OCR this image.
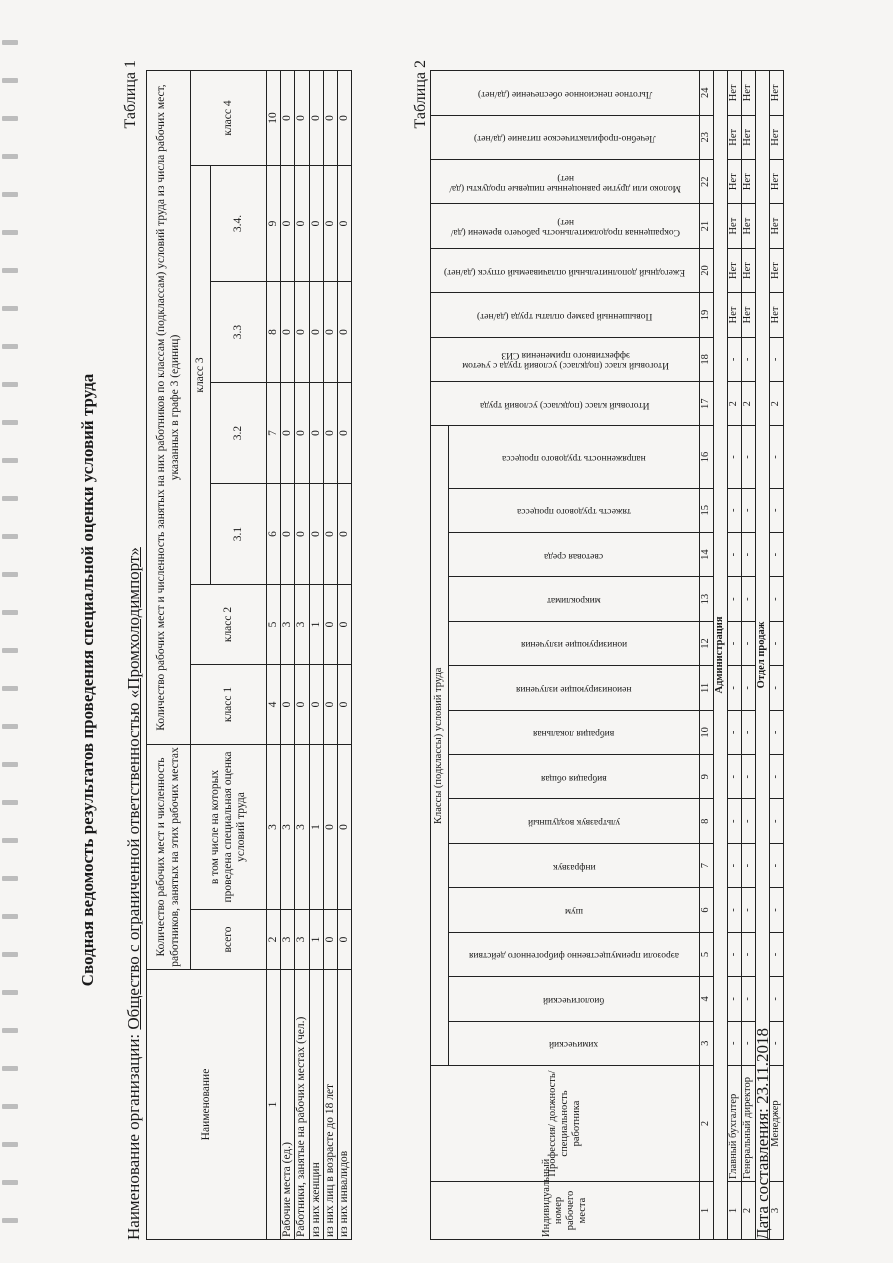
Сводная ведомость результатов проведения специальной оценки условий труда
Наименование организации: Общество с ограниченной ответственностью «Промхолодимпорт»
Таблица 1
Наименование	Количество рабочих мест и численность работников, занятых на этих рабочих местах		Количество рабочих мест и численность занятых на них работников по классам (подклассам) условий труда из числа рабочих мест, указанных в графе 3 (единиц)						
	всего	в том числе на которых проведена специальная оценка условий труда	класс 1	класс 2	класс 3				класс 4
					3.1	3.2	3.3	3.4.	
1	2	3	4	5	6	7	8	9	10
Рабочие места (ед.)	3	3	0	3	0	0	0	0	0
Работники, занятые на рабочих местах (чел.)	3	3	0	3	0	0	0	0	0
из них женщин	1	1	0	1	0	0	0	0	0
из них лиц в возрасте до 18 лет	0	0	0	0	0	0	0	0	0
из них инвалидов	0	0	0	0	0	0	0	0	0	Таблица 2
Индивидуальный номер рабочего места	Профессия/ должность/ специальность работника	Классы (подклассы) условий труда														Итоговый класс (подкласс) условий труда	Итоговый класс (подкласс) условий труда с учетом эффективного применения СИЗ	Повышенный размер оплаты труда (да/нет)	Ежегодный дополнительный оплачиваемый отпуск (да/нет)	Сокращенная продолжительность рабочего времени (да/нет)	Молоко или другие равноценные пищевые продукты (да/нет)	Лечебно-профилактическое питание (да/нет)	Льготное пенсионное обеспечение (да/нет)

		химический	биологический	аэрозоли преимущественно фиброгенного действия	шум	инфразвук	ультразвук воздушный	вибрация общая	вибрация локальная	неионизирующие излучения	ионизирующие излучения	микроклимат	световая среда	тяжесть трудового процесса	напряженность трудового процесса								

1	2	3	4	5	6	7	8	9	10	11	12	13	14	15	16	17	18	19	20	21	22	23	24
Администрация																							
1	Главный бухгалтер	-	-	-	-	-	-	-	-	-	-	-	-	-	-	2	-	Нет	Нет	Нет	Нет	Нет	Нет
2	Генеральный директор	-	-	-	-	-	-	-	-	-	-	-	-	-	-	2	-	Нет	Нет	Нет	Нет	Нет	Нет
Отдел продаж																							
3	Менеджер	-	-	-	-	-	-	-	-	-	-	-	-	-	-	2	-	Нет	Нет	Нет	Нет	Нет	Нет
Дата составления: 23.11.2018
